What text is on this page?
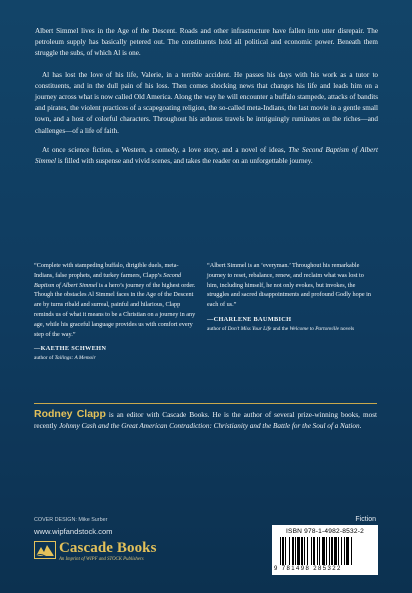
Albert Simmel lives in the Age of the Descent. Roads and other infrastructure have fallen into utter disrepair. The petroleum supply has basically petered out. The constituents hold all political and economic power. Beneath them struggle the subs, of which Al is one.

Al has lost the love of his life, Valerie, in a terrible accident. He passes his days with his work as a tutor to constituents, and in the dull pain of his loss. Then comes shocking news that changes his life and leads him on a journey across what is now called Old America. Along the way he will encounter a buffalo stampede, attacks of bandits and pirates, the violent practices of a scapegoating religion, the so-called meta-Indians, the last movie in a gentle small town, and a host of colorful characters. Throughout his arduous travels he intriguingly ruminates on the riches—and challenges—of a life of faith.

At once science fiction, a Western, a comedy, a love story, and a novel of ideas, The Second Baptism of Albert Simmel is filled with suspense and vivid scenes, and takes the reader on an unforgettable journey.

“Complete with stampeding buffalo, dirigible duels, meta-Indians, false prophets, and turkey farmers, Clapp’s Second Baptism of Albert Simmel is a hero’s journey of the highest order. Though the obstacles Al Simmel faces in the Age of the Descent are by turns ribald and surreal, painful and hilarious, Clapp reminds us of what it means to be a Christian on a journey in any age, while his graceful language provides us with comfort every step of the way.”

—KAETHE SCHWEHN
author of Tailings: A Memoir

“Albert Simmel is an ‘everyman.’ Throughout his remarkable journey to reset, rebalance, renew, and reclaim what was lost to him, including himself, he not only evokes, but invokes, the struggles and sacred disappointments and profound Godly hope in each of us.”

—CHARLENE BAUMBICH
author of Don’t Miss Your Life and the Welcome to Partonville novels
Rodney Clapp is an editor with Cascade Books. He is the author of several prize-winning books, most recently Johnny Cash and the Great American Contradiction: Christianity and the Battle for the Soul of a Nation.
COVER DESIGN: Mike Surber
www.wipfandstock.com
Cascade Books
An Imprint of WIPF and STOCK Publishers
Fiction
ISBN 978-1-4982-8532-2
9 781498 285322
